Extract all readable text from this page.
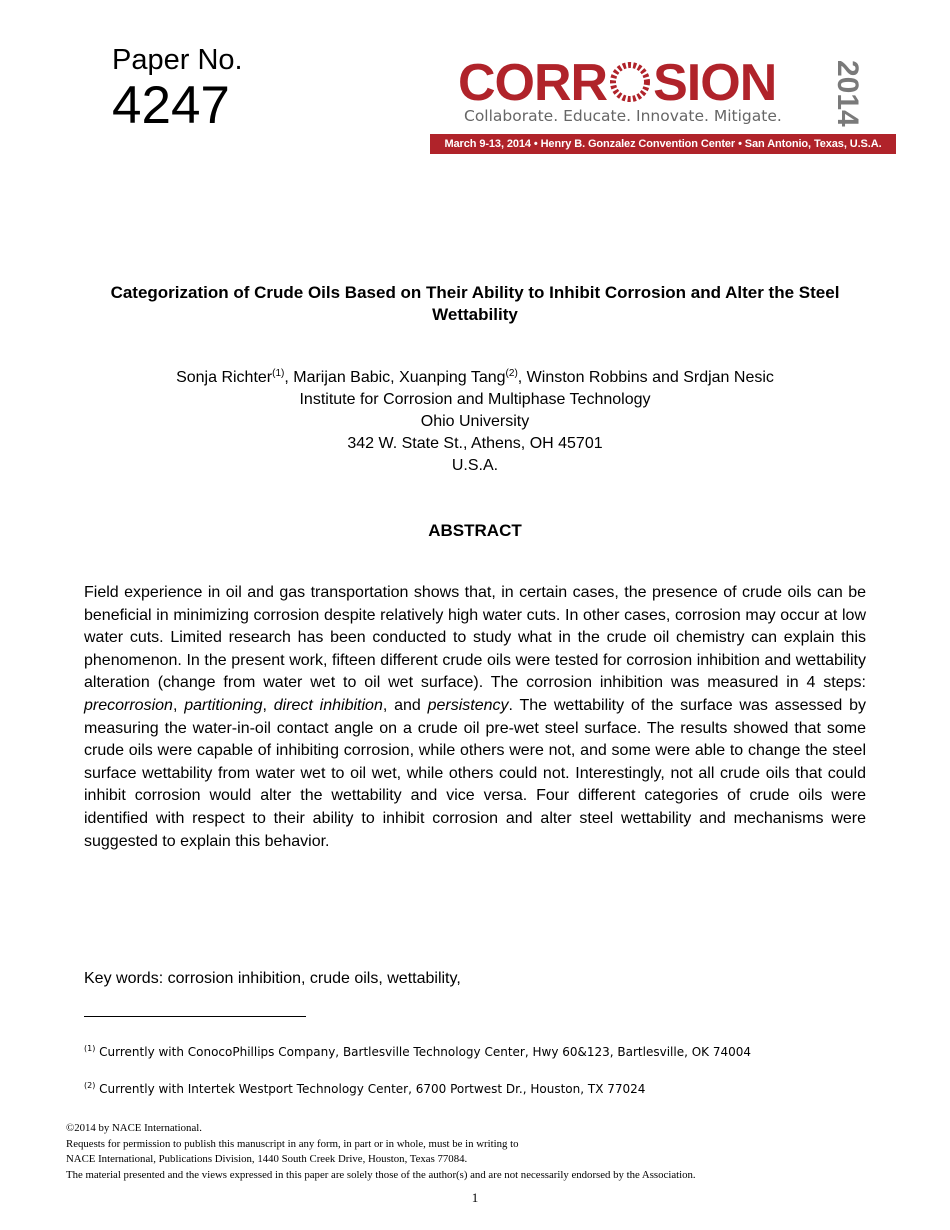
Paper No.
4247	CORR SION 2014
Collaborate. Educate. Innovate. Mitigate.
March 9-13, 2014 • Henry B. Gonzalez Convention Center • San Antonio, Texas, U.S.A.
Categorization of Crude Oils Based on Their Ability to Inhibit Corrosion and Alter the Steel Wettability
Sonja Richter$^{(1)}$, Marijan Babic, Xuanping Tang$^{(2)}$, Winston Robbins and Srdjan Nesic
Institute for Corrosion and Multiphase Technology
Ohio University
342 W. State St., Athens, OH 45701
U.S.A.
ABSTRACT

Field experience in oil and gas transportation shows that, in certain cases, the presence of crude oils can be beneficial in minimizing corrosion despite relatively high water cuts. In other cases, corrosion may occur at low water cuts. Limited research has been conducted to study what in the crude oil chemistry can explain this phenomenon. In the present work, fifteen different crude oils were tested for corrosion inhibition and wettability alteration (change from water wet to oil wet surface). The corrosion inhibition was measured in 4 steps: precorrosion, partitioning, direct inhibition, and persistency. The wettability of the surface was assessed by measuring the water-in-oil contact angle on a crude oil pre-wet steel surface. The results showed that some crude oils were capable of inhibiting corrosion, while others were not, and some were able to change the steel surface wettability from water wet to oil wet, while others could not. Interestingly, not all crude oils that could inhibit corrosion would alter the wettability and vice versa. Four different categories of crude oils were identified with respect to their ability to inhibit corrosion and alter steel wettability and mechanisms were suggested to explain this behavior.

Key words: corrosion inhibition, crude oils, wettability,
$^{(1)}$ Currently with ConocoPhillips Company, Bartlesville Technology Center, Hwy 60&123, Bartlesville, OK 74004
$^{(2)}$ Currently with Intertek Westport Technology Center, 6700 Portwest Dr., Houston, TX 77024
©2014 by NACE International.
Requests for permission to publish this manuscript in any form, in part or in whole, must be in writing to
NACE International, Publications Division, 1440 South Creek Drive, Houston, Texas 77084.
The material presented and the views expressed in this paper are solely those of the author(s) and are not necessarily endorsed by the Association.
1
